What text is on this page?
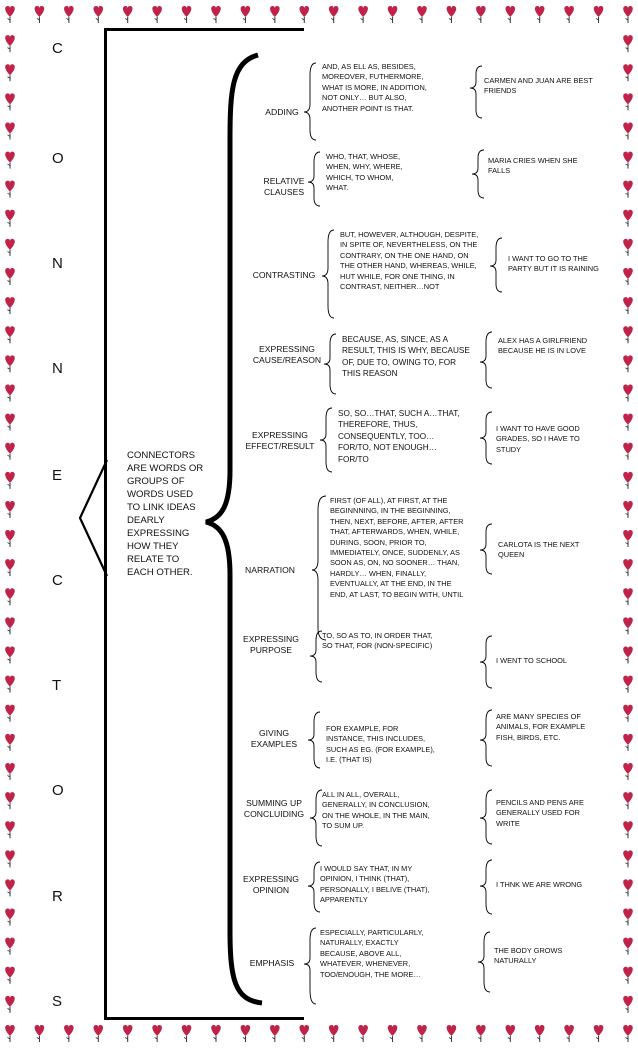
C
O
N
N
E
C
T
O
R
S
CONNECTORS ARE WORDS OR GROUPS OF WORDS USED TO LINK IDEAS DEARLY EXPRESSING HOW THEY RELATE TO EACH OTHER.
ADDING
AND, AS ELL AS, BESIDES, MOREOVER, FUTHERMORE, WHAT IS MORE, IN ADDITION, NOT ONLY… BUT ALSO, ANOTHER POINT IS THAT.
CARMEN AND JUAN ARE BEST FRIENDS
RELATIVE CLAUSES
WHO, THAT, WHOSE, WHEN, WHY, WHERE, WHICH, TO WHOM, WHAT.
MARIA CRIES WHEN SHE FALLS
CONTRASTING
BUT, HOWEVER, ALTHOUGH, DESPITE, IN SPITE OF, NEVERTHELESS, ON THE CONTRARY, ON THE ONE HAND, ON THE OTHER HAND, WHEREAS, WHILE, HUT WHILE, FOR ONE THING, IN CONTRAST, NEITHER…NOT
I WANT TO GO TO THE PARTY BUT IT IS RAINING
EXPRESSING CAUSE/REASON
BECAUSE, AS, SINCE, AS A RESULT, THIS IS WHY, BECAUSE OF, DUE TO, OWING TO, FOR THIS REASON
ALEX HAS A GIRLFRIEND BECAUSE HE IS IN LOVE
EXPRESSING EFFECT/RESULT
SO, SO…THAT, SUCH A…THAT, THEREFORE, THUS, CONSEQUENTLY, TOO… FOR/TO, NOT ENOUGH… FOR/TO
I WANT TO HAVE GOOD GRADES, SO I HAVE TO STUDY
NARRATION
FIRST (OF ALL), AT FIRST, AT THE BEGINNNING, IN THE BEGINNING, THEN, NEXT, BEFORE, AFTER, AFTER THAT, AFTERWARDS, WHEN, WHILE, DURING, SOON, PRIOR TO, IMMEDIATELY, ONCE, SUDDENLY, AS SOON AS, ON, NO SOONER… THAN, HARDLY… WHEN, FINALLY, EVENTUALLY, AT THE END, IN THE END, AT LAST, TO BEGIN WITH, UNTIL
CARLOTA IS THE NEXT QUEEN
EXPRESSING PURPOSE
TO, SO AS TO, IN ORDER THAT, SO THAT, FOR (NON-SPECIFIC)
I WENT TO SCHOOL
GIVING EXAMPLES
FOR EXAMPLE, FOR INSTANCE, THIS INCLUDES, SUCH AS EG. (FOR EXAMPLE), I.E. (THAT IS)
ARE MANY SPECIES OF ANIMALS, FOR EXAMPLE FISH, BIRDS, ETC.
SUMMING UP CONCLUIDING
ALL IN ALL, OVERALL, GENERALLY, IN CONCLUSION, ON THE WHOLE, IN THE MAIN, TO SUM UP.
PENCILS AND PENS ARE GENERALLY USED FOR WRITE
EXPRESSING OPINION
I WOULD SAY THAT, IN MY OPINION, I THINK (THAT), PERSONALLY, I BELIVE (THAT), APPARENTLY
I THNK WE ARE WRONG
EMPHASIS
ESPECIALLY, PARTICULARLY, NATURALLY, EXACTLY BECAUSE, ABOVE ALL, WHATEVER, WHENEVER, TOO/ENOUGH, THE MORE…
THE BODY GROWS NATURALLY
